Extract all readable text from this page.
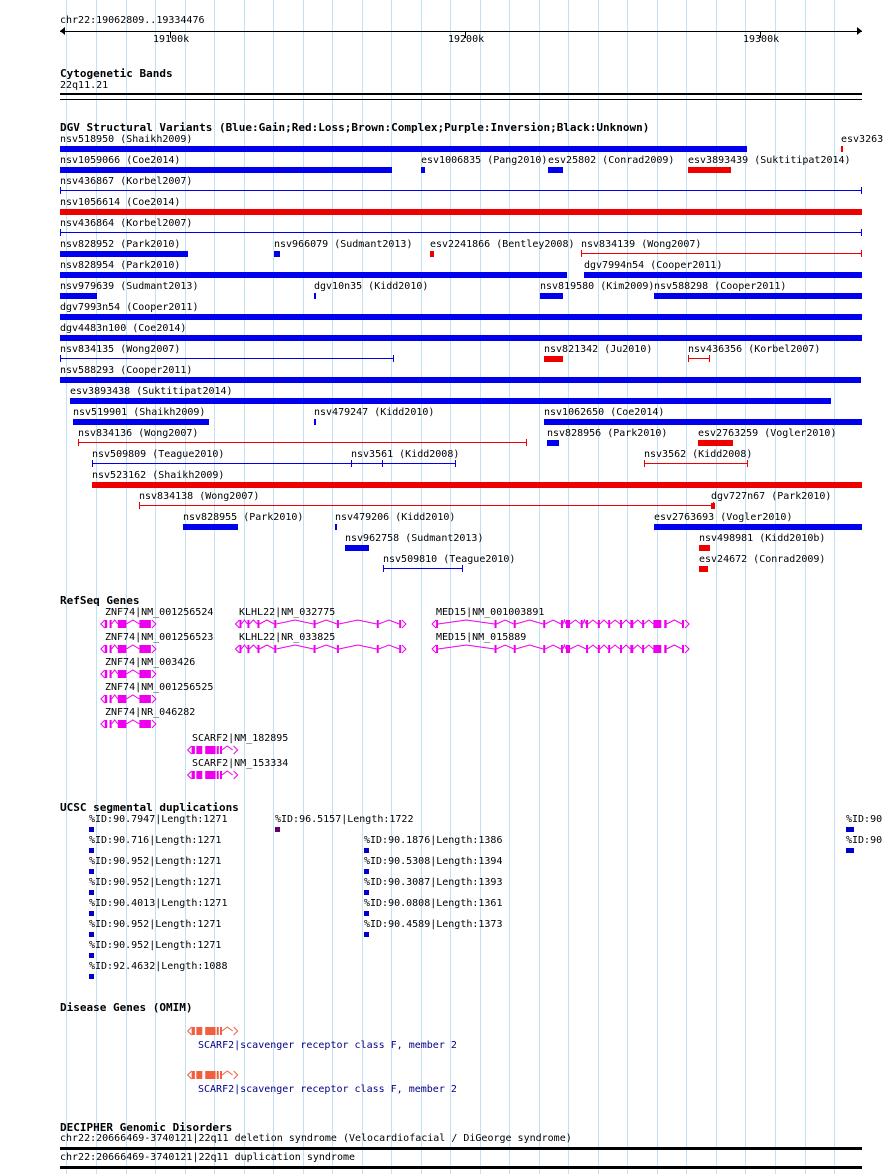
chr22:19062809..19334476
19100k	19200k	19300k
Cytogenetic Bands
22q11.21
DGV Structural Variants (Blue:Gain;Red:Loss;Brown:Complex;Purple:Inversion;Black:Unknown)
nsv518950 (Shaikh2009)	esv3263
nsv1059066 (Coe2014)	esv1006835 (Pang2010) esv25802 (Conrad2009) esv3893439 (Suktitipat2014)
nsv436867 (Korbel2007)
nsv1056614 (Coe2014)
nsv436864 (Korbel2007)
nsv828952 (Park2010)	nsv966079 (Sudmant2013) esv2241866 (Bentley2008) nsv834139 (Wong2007)
nsv828954 (Park2010)	dgv7994n54 (Cooper2011)
nsv979639 (Sudmant2013)	dgv10n35 (Kidd2010)	nsv819580 (Kim2009) nsv588298 (Cooper2011)
dgv7993n54 (Cooper2011)
dgv4483n100 (Coe2014)
nsv834135 (Wong2007)	nsv821342 (Ju2010)	nsv436356 (Korbel2007)
nsv588293 (Cooper2011)
esv3893438 (Suktitipat2014)
nsv519901 (Shaikh2009)	nsv479247 (Kidd2010)	nsv1062650 (Coe2014)
nsv834136 (Wong2007)	nsv828956 (Park2010)	esv2763259 (Vogler2010)
nsv509809 (Teague2010)	nsv3561 (Kidd2008)	nsv3562 (Kidd2008)
nsv523162 (Shaikh2009)
nsv834138 (Wong2007)	dgv727n67 (Park2010)
nsv828955 (Park2010)	nsv479206 (Kidd2010)	esv2763693 (Vogler2010)
nsv962758 (Sudmant2013)	nsv498981 (Kidd2010b)
nsv509810 (Teague2010)	esv24672 (Conrad2009)
RefSeq Genes
ZNF74|NM_001256524	KLHL22|NM_032775	MED15|NM_001003891
ZNF74|NM_001256523	KLHL22|NR_033825	MED15|NM_015889
ZNF74|NM_003426
ZNF74|NM_001256525
ZNF74|NR_046282
SCARF2|NM_182895
SCARF2|NM_153334
UCSC segmental duplications
%ID:90.7947|Length:1271	%ID:96.5157|Length:1722	%ID:90
%ID:90.716|Length:1271	%ID:90.1876|Length:1386	%ID:90
%ID:90.952|Length:1271	%ID:90.5308|Length:1394
%ID:90.952|Length:1271	%ID:90.3087|Length:1393
%ID:90.4013|Length:1271	%ID:90.0808|Length:1361
%ID:90.952|Length:1271	%ID:90.4589|Length:1373
%ID:90.952|Length:1271
%ID:92.4632|Length:1088
Disease Genes (OMIM)
SCARF2|scavenger receptor class F, member 2
SCARF2|scavenger receptor class F, member 2
DECIPHER Genomic Disorders
chr22:20666469-3740121|22q11 deletion syndrome (Velocardiofacial / DiGeorge syndrome)
chr22:20666469-3740121|22q11 duplication syndrome
